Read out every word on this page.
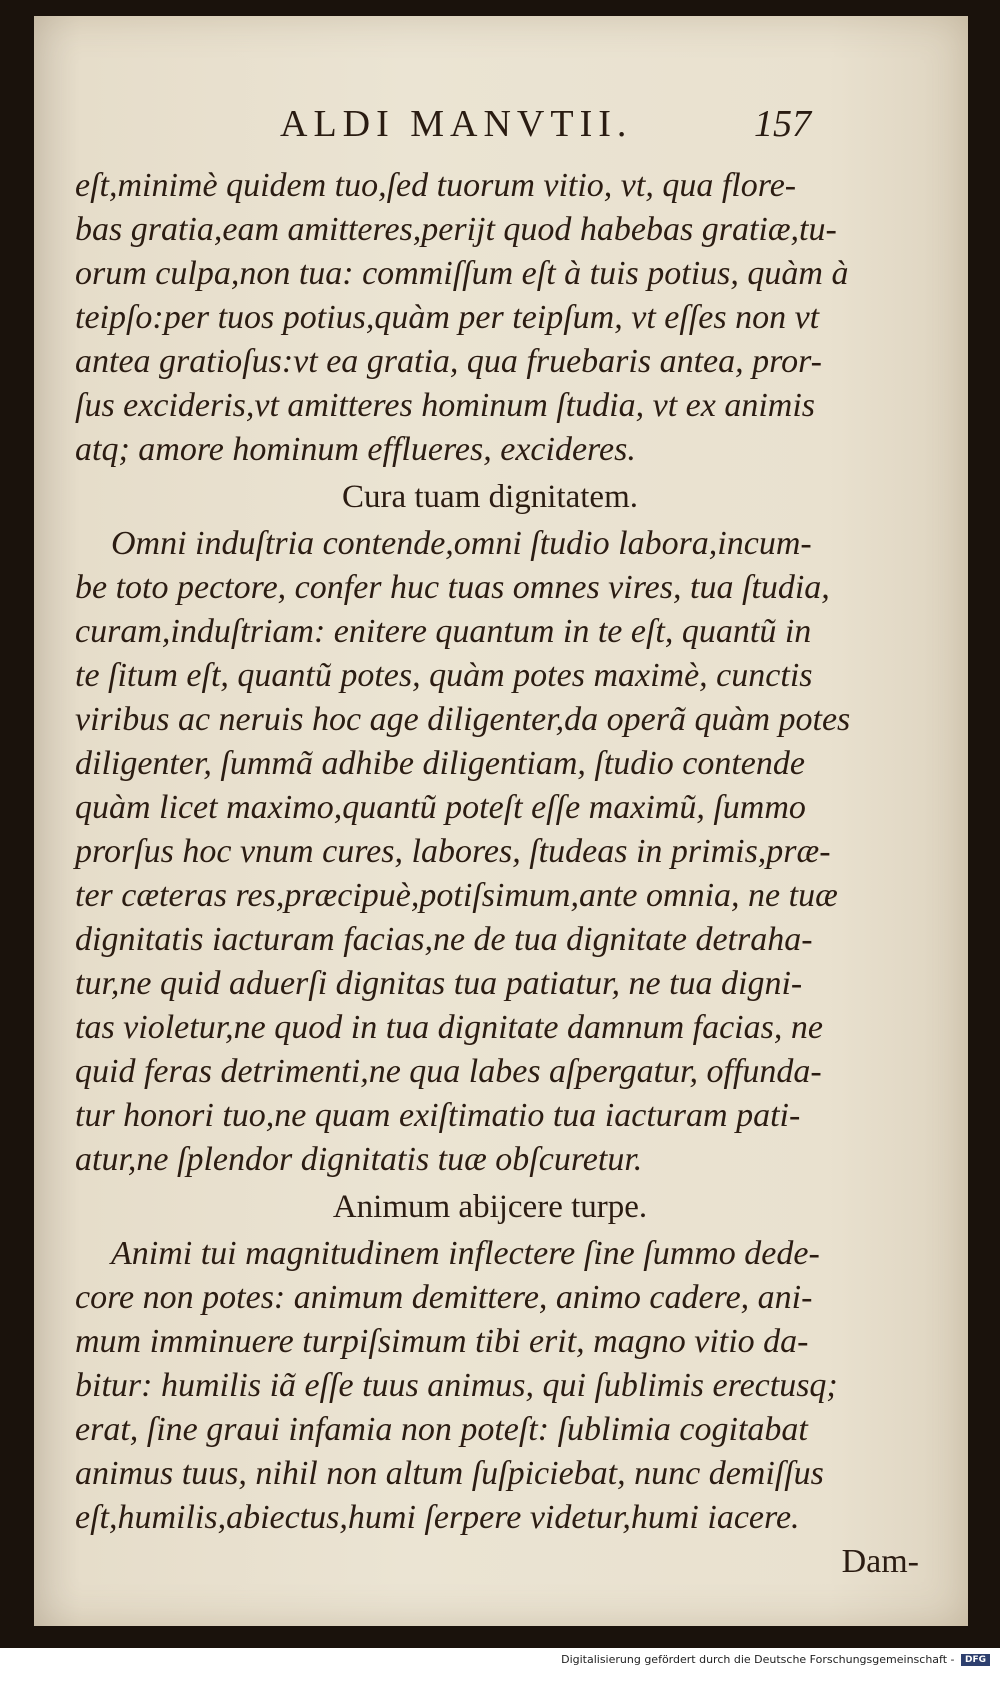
ALDI MANVTII.	157
eſt,minimè quidem tuo,ſed tuorum vitio, vt, qua flore-
bas gratia,eam amitteres,perijt quod habebas gratiæ,tu-
orum culpa,non tua: commiſſum eſt à tuis potius, quàm à
teipſo:per tuos potius,quàm per teipſum, vt eſſes non vt
antea gratioſus:vt ea gratia, qua fruebaris antea, pror-
ſus excideris,vt amitteres hominum ſtudia, vt ex animis
atq; amore hominum efflueres, excideres.
Cura tuam dignitatem.
Omni induſtria contende,omni ſtudio labora,incum-
be toto pectore, confer huc tuas omnes vires, tua ſtudia,
curam,induſtriam: enitere quantum in te eſt, quantũ in
te ſitum eſt, quantũ potes, quàm potes maximè, cunctis
viribus ac neruis hoc age diligenter,da operã quàm potes
diligenter, ſummã adhibe diligentiam, ſtudio contende
quàm licet maximo,quantũ poteſt eſſe maximũ, ſummo
prorſus hoc vnum cures, labores, ſtudeas in primis,præ-
ter cæteras res,præcipuè,potiſsimum,ante omnia, ne tuæ
dignitatis iacturam facias,ne de tua dignitate detraha-
tur,ne quid aduerſi dignitas tua patiatur, ne tua digni-
tas violetur,ne quod in tua dignitate damnum facias, ne
quid feras detrimenti,ne qua labes aſpergatur, offunda-
tur honori tuo,ne quam exiſtimatio tua iacturam pati-
atur,ne ſplendor dignitatis tuæ obſcuretur.
Animum abijcere turpe.
Animi tui magnitudinem inflectere ſine ſummo dede-
core non potes: animum demittere, animo cadere, ani-
mum imminuere turpiſsimum tibi erit, magno vitio da-
bitur: humilis iã eſſe tuus animus, qui ſublimis erectusq;
erat, ſine graui infamia non poteſt: ſublimia cogitabat
animus tuus, nihil non altum ſuſpiciebat, nunc demiſſus
eſt,humilis,abiectus,humi ſerpere videtur,humi iacere.
Dam-
Digitalisierung gefördert durch die Deutsche Forschungsgemeinschaft - DFG
